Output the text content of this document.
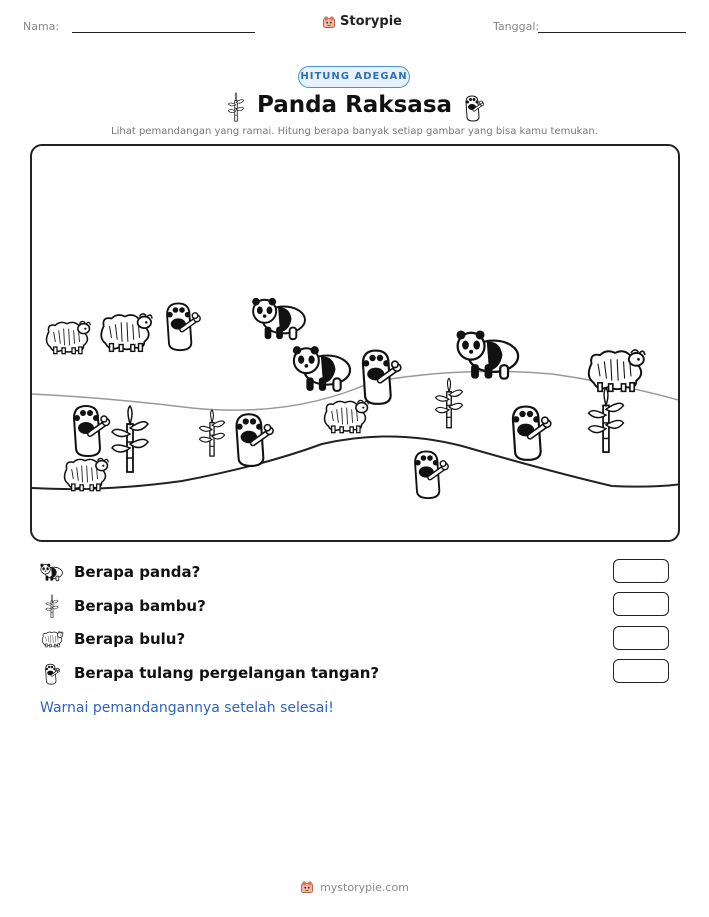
Nama:	Storypie	Tanggal:
HITUNG ADEGAN
Panda Raksasa
Lihat pemandangan yang ramai. Hitung berapa banyak setiap gambar yang bisa kamu temukan.
Berapa panda?
Berapa bambu?
Berapa bulu?
Berapa tulang pergelangan tangan?
Warnai pemandangannya setelah selesai!
mystorypie.com
